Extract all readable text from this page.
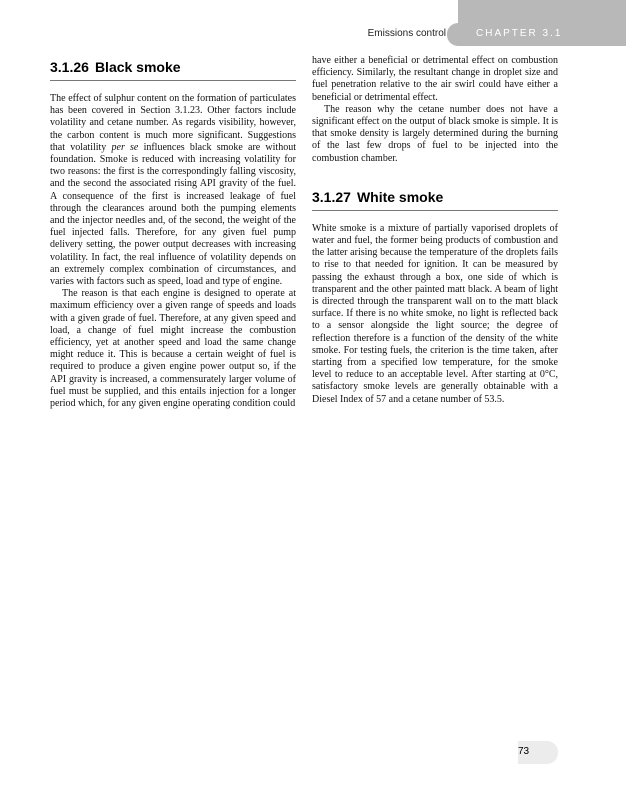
Emissions control	CHAPTER 3.1
3.1.26 Black smoke

The effect of sulphur content on the formation of particulates has been covered in Section 3.1.23. Other factors include volatility and cetane number. As regards visibility, however, the carbon content is much more significant. Suggestions that volatility per se influences black smoke are without foundation. Smoke is reduced with increasing volatility for two reasons: the first is the correspondingly falling viscosity, and the second the associated rising API gravity of the fuel. A consequence of the first is increased leakage of fuel through the clearances around both the pumping elements and the injector needles and, of the second, the weight of the fuel injected falls. Therefore, for any given fuel pump delivery setting, the power output decreases with increasing volatility. In fact, the real influence of volatility depends on an extremely complex combination of circumstances, and varies with factors such as speed, load and type of engine.

The reason is that each engine is designed to operate at maximum efficiency over a given range of speeds and loads with a given grade of fuel. Therefore, at any given speed and load, a change of fuel might increase the combustion efficiency, yet at another speed and load the same change might reduce it. This is because a certain weight of fuel is required to produce a given engine power output so, if the API gravity is increased, a commensurately larger volume of fuel must be supplied, and this entails injection for a longer period which, for any given engine operating condition could

have either a beneficial or detrimental effect on combustion efficiency. Similarly, the resultant change in droplet size and fuel penetration relative to the air swirl could have either a beneficial or detrimental effect.

The reason why the cetane number does not have a significant effect on the output of black smoke is simple. It is that smoke density is largely determined during the burning of the last few drops of fuel to be injected into the combustion chamber.

3.1.27 White smoke

White smoke is a mixture of partially vaporised droplets of water and fuel, the former being products of combustion and the latter arising because the temperature of the droplets fails to rise to that needed for ignition. It can be measured by passing the exhaust through a box, one side of which is transparent and the other painted matt black. A beam of light is directed through the transparent wall on to the matt black surface. If there is no white smoke, no light is reflected back to a sensor alongside the light source; the degree of reflection therefore is a function of the density of the white smoke. For testing fuels, the criterion is the time taken, after starting from a specified low temperature, for the smoke level to reduce to an acceptable level. After starting at 0°C, satisfactory smoke levels are generally obtainable with a Diesel Index of 57 and a cetane number of 53.5.

73
